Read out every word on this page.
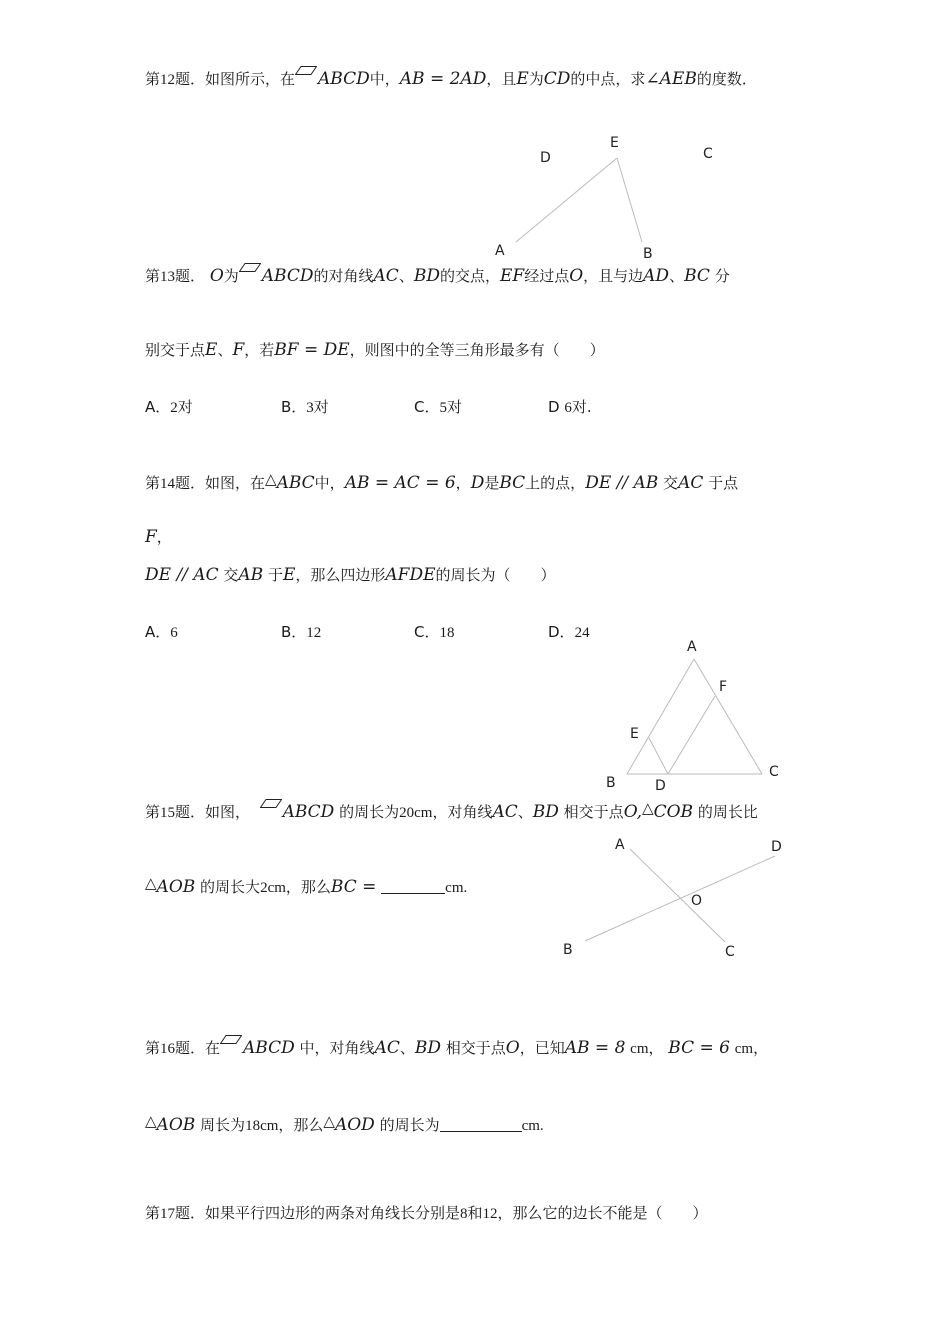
第12题．如图所示，在 ABCD中，AB = 2AD，且E为CD的中点，求∠AEB的度数．
D
E
C
A	B
第13题． O为 ABCD的对角线AC、BD的交点，EF经过点O，且与边AD、BC 分
别交于点E、F，若BF = DE，则图中的全等三角形最多有（　　）
A．2对	B．3对	C．5对	D 6对.
第14题．如图，在△ABC中，AB = AC = 6，D是BC上的点，DE // AB 交AC 于点
F，
DE // AC 交AB 于E，那么四边形AFDE的周长为（　　）
A．6	B．12	C．18	D．24
A
F
E
B	D
C
第15题．如图， ABCD 的周长为20cm，对角线AC、BD 相交于点O,△COB 的周长比
△AOB 的周长大2cm，那么BC =	cm.
A	D
O
B	C
第16题．在 ABCD 中，对角线AC、BD 相交于点O，已知AB = 8 cm， BC = 6 cm，
△AOB 周长为18cm，那么△AOD 的周长为	cm.
第17题．如果平行四边形的两条对角线长分别是8和12，那么它的边长不能是（　　）
